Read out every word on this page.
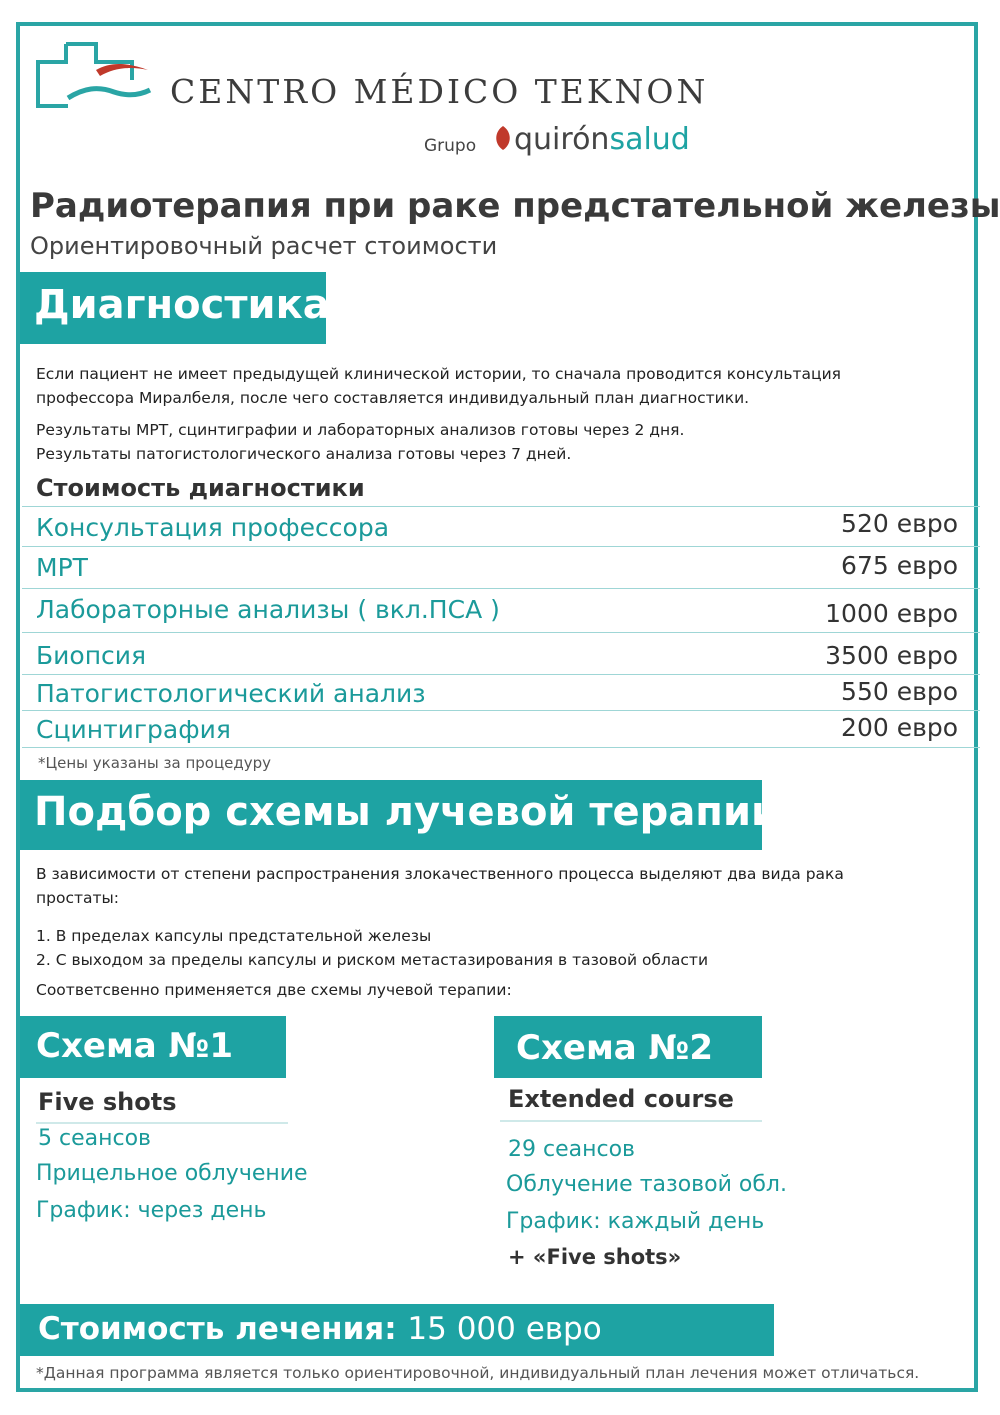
CENTRO MÉDICO TEKNON
Grupo	quirónsalud
Радиотерапия при раке предстательной железы
Ориентировочный расчет стоимости
Диагностика
Если пациент не имеет предыдущей клинической истории, то сначала проводится консультация профессора Миралбеля, после чего составляется индивидуальный план диагностики.
Результаты МРТ, сцинтиграфии и лабораторных анализов готовы через 2 дня.
Результаты патогистологического анализа готовы через 7 дней.
Стоимость диагностики
Консультация профессора	520 евро
МРТ	675 евро
Лабораторные анализы ( вкл.ПСА )	1000 евро
Биопсия	3500 евро
Патогистологический анализ	550 евро
Сцинтиграфия	200 евро
*Цены указаны за процедуру
Подбор схемы лучевой терапии
В зависимости от степени распространения злокачественного процесса выделяют два вида рака простаты:
1. В пределах капсулы предстательной железы
2. С выходом за пределы капсулы и риском метастазирования в тазовой области
Соответсвенно применяется две схемы лучевой терапии:
Схема №1
Five shots
5 сеансов
Прицельное облучение
График: через день
Схема №2
Extended course
29 сеансов
Облучение тазовой обл.
График: каждый день
+ «Five shots»
Стоимость лечения: 15 000 евро
*Данная программа является только ориентировочной, индивидуальный план лечения может отличаться.
